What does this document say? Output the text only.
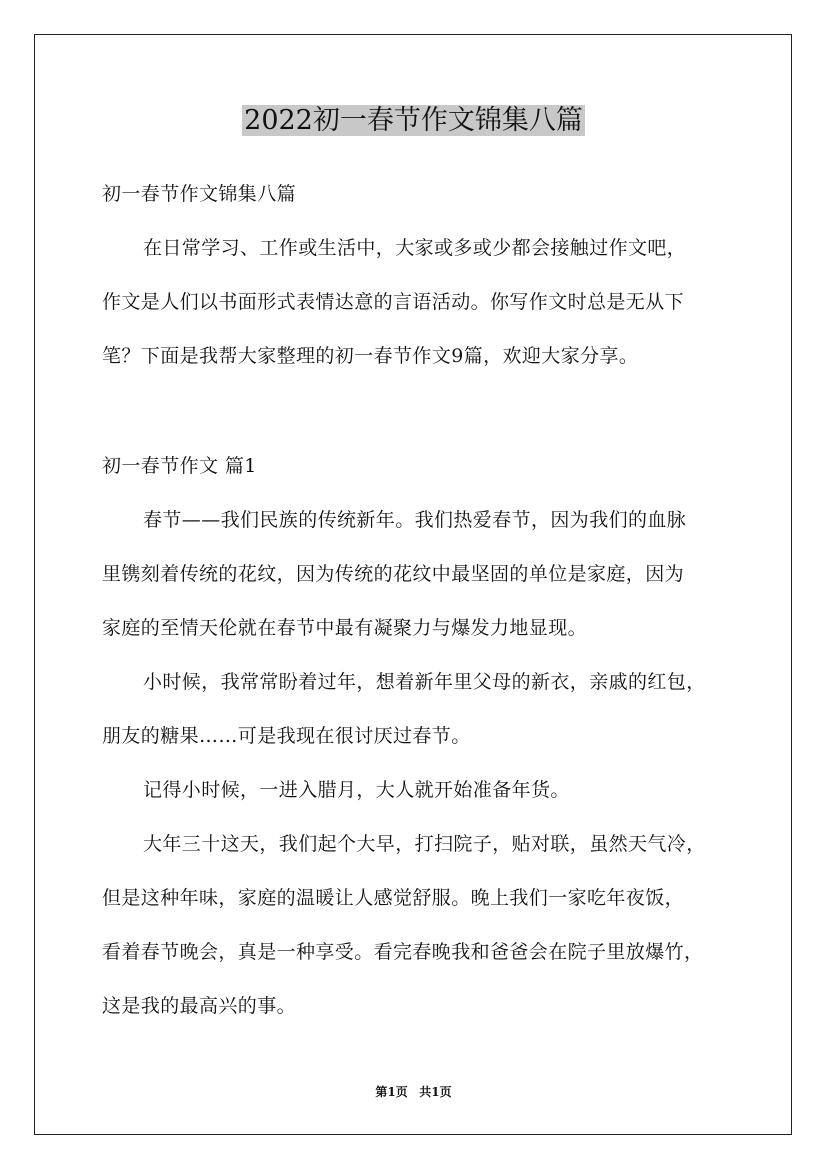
2022初一春节作文锦集八篇
初一春节作文锦集八篇
在日常学习、工作或生活中，大家或多或少都会接触过作文吧，
作文是人们以书面形式表情达意的言语活动。你写作文时总是无从下
笔？下面是我帮大家整理的初一春节作文9篇，欢迎大家分享。
初一春节作文 篇1
春节——我们民族的传统新年。我们热爱春节，因为我们的血脉
里镌刻着传统的花纹，因为传统的花纹中最坚固的单位是家庭，因为
家庭的至情天伦就在春节中最有凝聚力与爆发力地显现。
小时候，我常常盼着过年，想着新年里父母的新衣，亲戚的红包，
朋友的糖果……可是我现在很讨厌过春节。
记得小时候，一进入腊月，大人就开始准备年货。
大年三十这天，我们起个大早，打扫院子，贴对联，虽然天气冷，
但是这种年味，家庭的温暖让人感觉舒服。晚上我们一家吃年夜饭，
看着春节晚会，真是一种享受。看完春晚我和爸爸会在院子里放爆竹，
这是我的最高兴的事。
第1页 共1页
